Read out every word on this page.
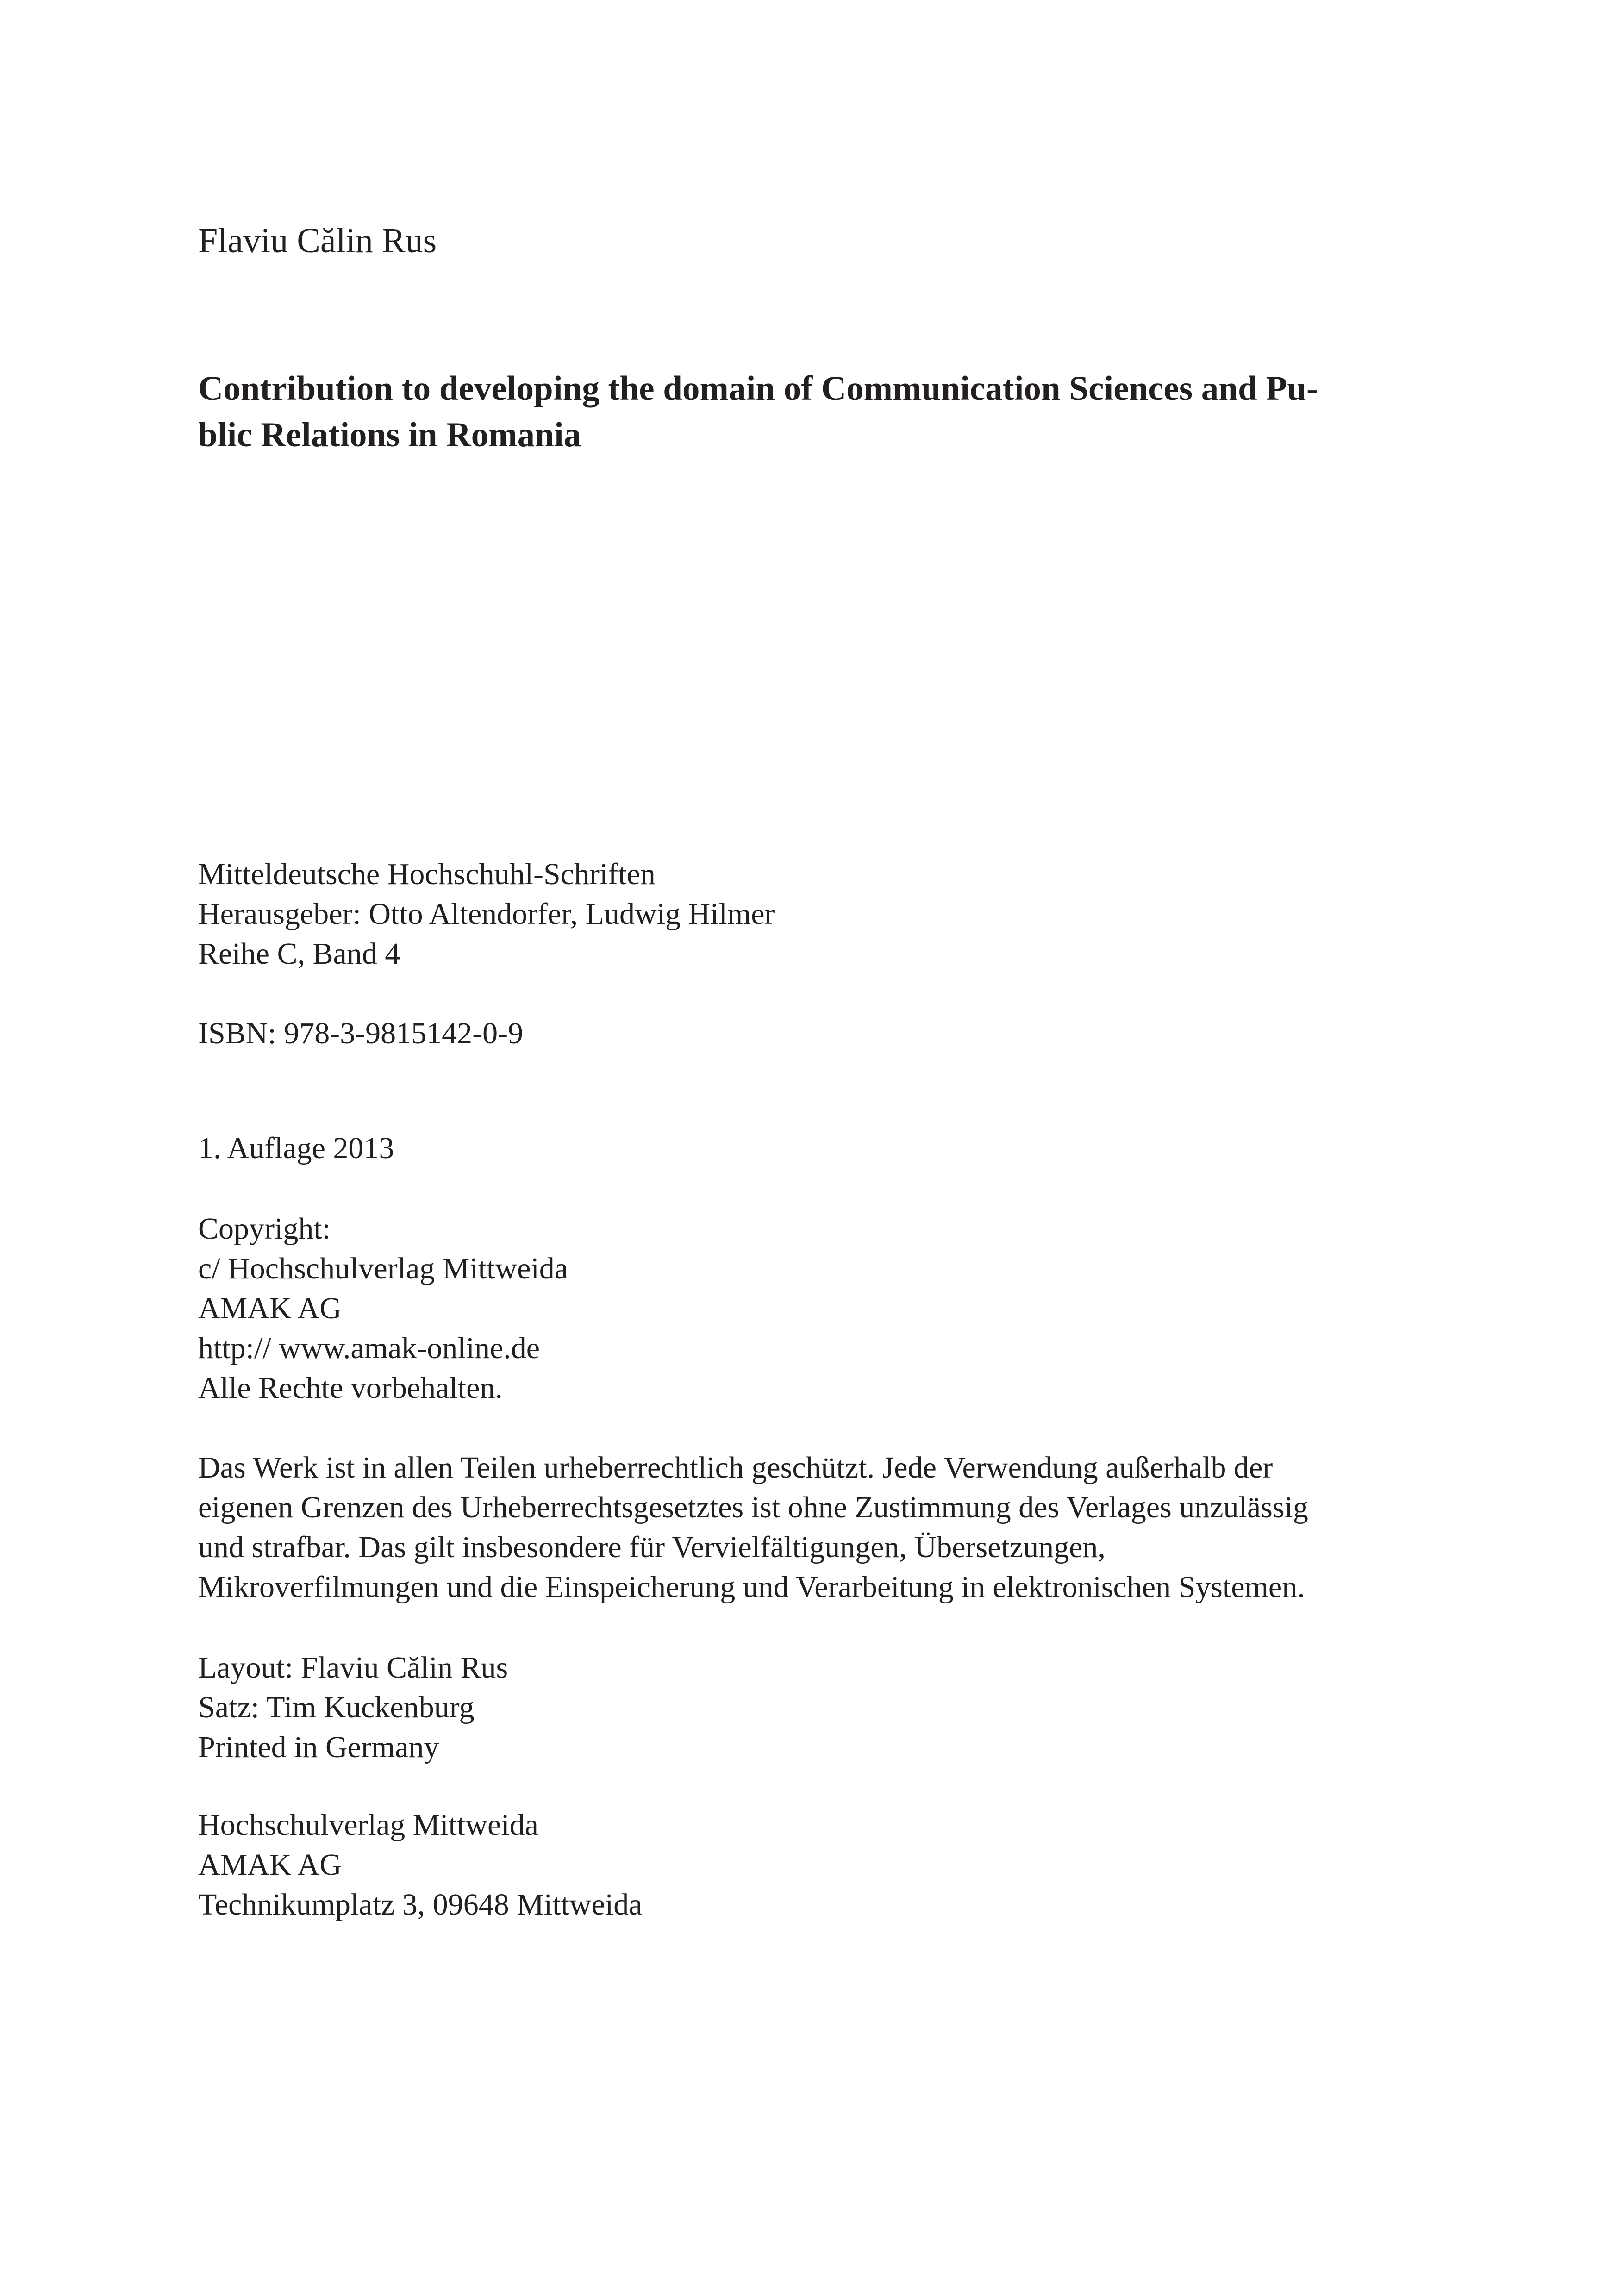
Flaviu Călin Rus
Contribution to developing the domain of Communication Sciences and Pu-
blic Relations in Romania
Mitteldeutsche Hochschuhl-Schriften
Herausgeber: Otto Altendorfer, Ludwig Hilmer
Reihe C, Band 4
ISBN: 978-3-9815142-0-9
1. Auflage 2013
Copyright:
c/ Hochschulverlag Mittweida
AMAK AG
http:// www.amak-online.de
Alle Rechte vorbehalten.
Das Werk ist in allen Teilen urheberrechtlich geschützt. Jede Verwendung außerhalb der
eigenen Grenzen des Urheberrechtsgesetztes ist ohne Zustimmung des Verlages unzulässig
und strafbar. Das gilt insbesondere für Vervielfältigungen, Übersetzungen,
Mikroverfilmungen und die Einspeicherung und Verarbeitung in elektronischen Systemen.
Layout: Flaviu Călin Rus
Satz: Tim Kuckenburg
Printed in Germany
Hochschulverlag Mittweida
AMAK AG
Technikumplatz 3, 09648 Mittweida
